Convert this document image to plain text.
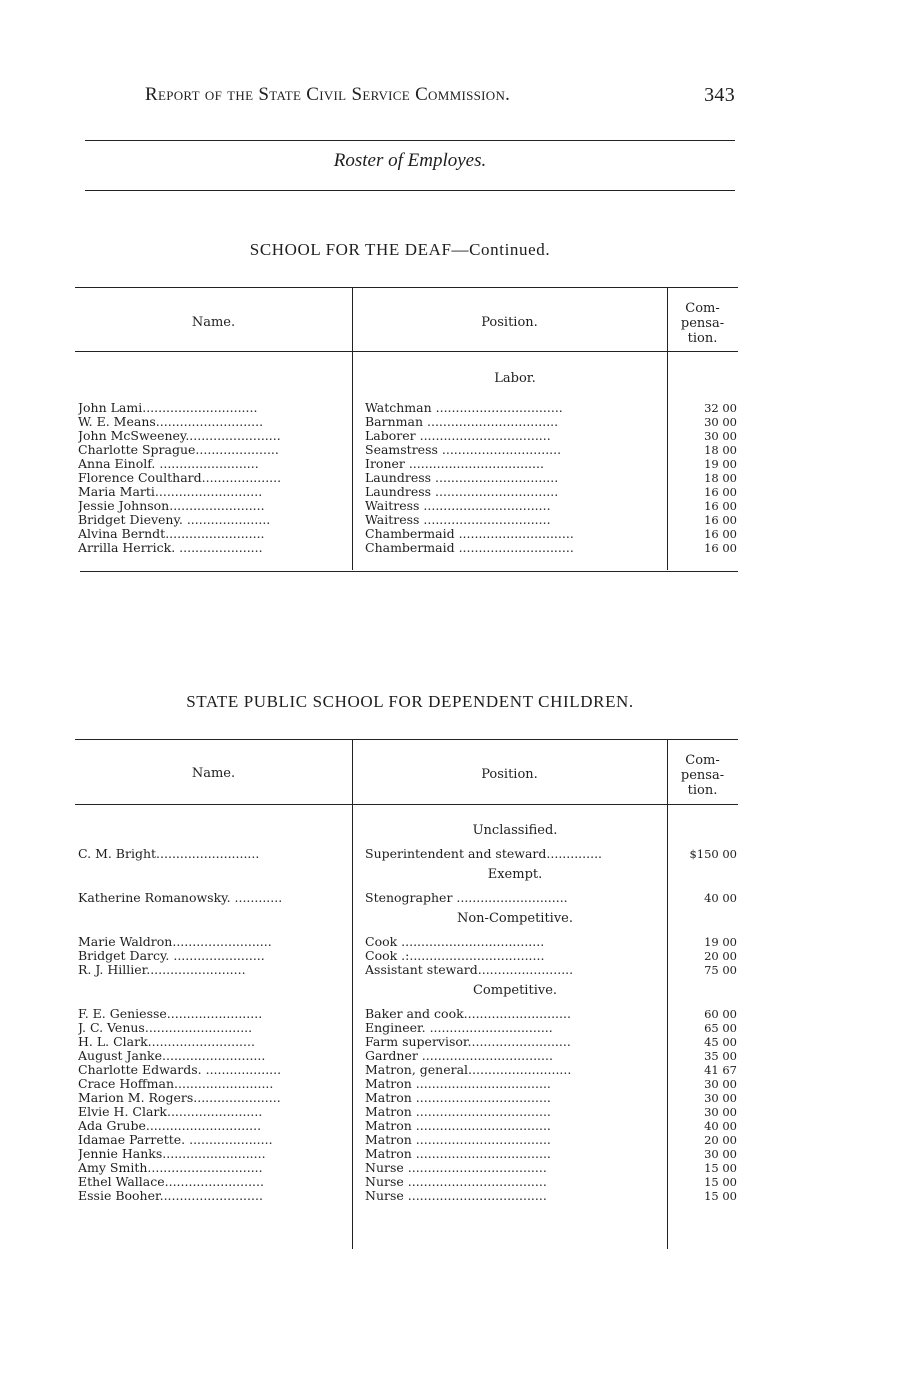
Report of the State Civil Service Commission.	343
Roster of Employes.
SCHOOL FOR THE DEAF—Continued.
Name.	Position.
Com-
pensa-
tion.
Labor.
John Lami.............................	Watchman ................................	32 00
W. E. Means...........................	Barnman .................................	30 00
John McSweeney........................	Laborer .................................	30 00
Charlotte Sprague.....................	Seamstress ..............................	18 00
Anna Einolf. .........................	Ironer ..................................	19 00
Florence Coulthard....................	Laundress ...............................	18 00
Maria Marti...........................	Laundress ...............................	16 00
Jessie Johnson........................	Waitress ................................	16 00
Bridget Dieveny. .....................	Waitress ................................	16 00
Alvina Berndt.........................	Chambermaid .............................	16 00
Arrilla Herrick. .....................	Chambermaid .............................	16 00
STATE PUBLIC SCHOOL FOR DEPENDENT CHILDREN.
Name.	Position.
Com-
pensa-
tion.
Unclassified.
C. M. Bright..........................	Superintendent and steward..............	$150 00
Exempt.
Katherine Romanowsky. ............	Stenographer ............................	40 00
Non-Competitive.
Marie Waldron.........................	Cook ....................................	19 00
Bridget Darcy. .......................	Cook .:..................................	20 00
R. J. Hillier.........................	Assistant steward........................	75 00
Competitive.
F. E. Geniesse........................	Baker and cook...........................	60 00
J. C. Venus...........................	Engineer. ...............................	65 00
H. L. Clark...........................	Farm supervisor..........................	45 00
August Janke..........................	Gardner .................................	35 00
Charlotte Edwards. ...................	Matron, general..........................	41 67
Crace Hoffman.........................	Matron ..................................	30 00
Marion M. Rogers......................	Matron ..................................	30 00
Elvie H. Clark........................	Matron ..................................	30 00
Ada Grube.............................	Matron ..................................	40 00
Idamae Parrette. .....................	Matron ..................................	20 00
Jennie Hanks..........................	Matron ..................................	30 00
Amy Smith.............................	Nurse ...................................	15 00
Ethel Wallace.........................	Nurse ...................................	15 00
Essie Booher..........................	Nurse ...................................	15 00
